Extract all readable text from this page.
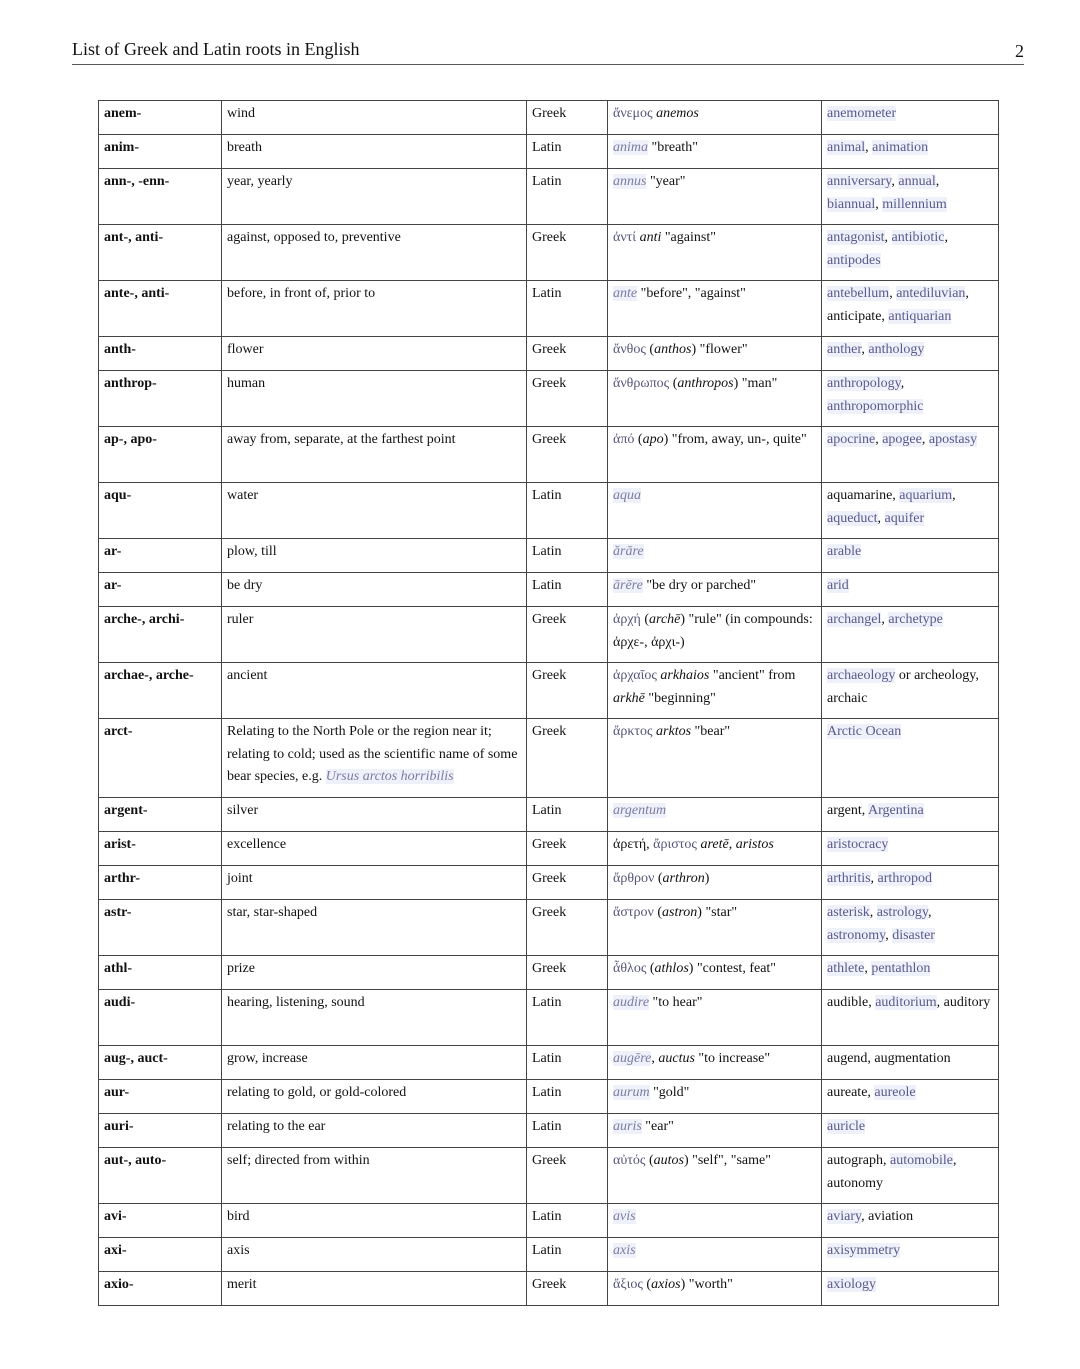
List of Greek and Latin roots in English	2
anem-	wind	Greek	ἄνεμος anemos	anemometer
anim-	breath	Latin	anima "breath"	animal, animation
ann-, -enn-	year, yearly	Latin	annus "year"	anniversary, annual, biannual, millennium
ant-, anti-	against, opposed to, preventive	Greek	ἀντί anti "against"	antagonist, antibiotic, antipodes
ante-, anti-	before, in front of, prior to	Latin	ante "before", "against"	antebellum, antediluvian, anticipate, antiquarian
anth-	flower	Greek	ἄνθος (anthos) "flower"	anther, anthology
anthrop-	human	Greek	ἄνθρωπος (anthropos) "man"	anthropology, anthropomorphic
ap-, apo-	away from, separate, at the farthest point	Greek	ἀπό (apo) "from, away, un-, quite"	apocrine, apogee, apostasy
aqu-	water	Latin	aqua	aquamarine, aquarium, aqueduct, aquifer
ar-	plow, till	Latin	ărāre	arable
ar-	be dry	Latin	ārēre "be dry or parched"	arid
arche-, archi-	ruler	Greek	ἀρχή (archē) "rule" (in compounds: ἀρχε-, ἀρχι-)	archangel, archetype
archae-, arche-	ancient	Greek	ἀρχαῖος arkhaios "ancient" from arkhē "beginning"	archaeology or archeology, archaic
arct-	Relating to the North Pole or the region near it; relating to cold; used as the scientific name of some bear species, e.g. Ursus arctos horribilis	Greek	ἄρκτος arktos "bear"	Arctic Ocean
argent-	silver	Latin	argentum	argent, Argentina
arist-	excellence	Greek	ἀρετή, ἄριστος aretē, aristos	aristocracy
arthr-	joint	Greek	ἄρθρον (arthron)	arthritis, arthropod
astr-	star, star-shaped	Greek	ἄστρον (astron) "star"	asterisk, astrology, astronomy, disaster
athl-	prize	Greek	ἆθλος (athlos) "contest, feat"	athlete, pentathlon
audi-	hearing, listening, sound	Latin	audire "to hear"	audible, auditorium, auditory
aug-, auct-	grow, increase	Latin	augēre, auctus "to increase"	augend, augmentation
aur-	relating to gold, or gold-colored	Latin	aurum "gold"	aureate, aureole
auri-	relating to the ear	Latin	auris "ear"	auricle
aut-, auto-	self; directed from within	Greek	αὐτός (autos) "self", "same"	autograph, automobile, autonomy
avi-	bird	Latin	avis	aviary, aviation
axi-	axis	Latin	axis	axisymmetry
axio-	merit	Greek	ἄξιος (axios) "worth"	axiology
